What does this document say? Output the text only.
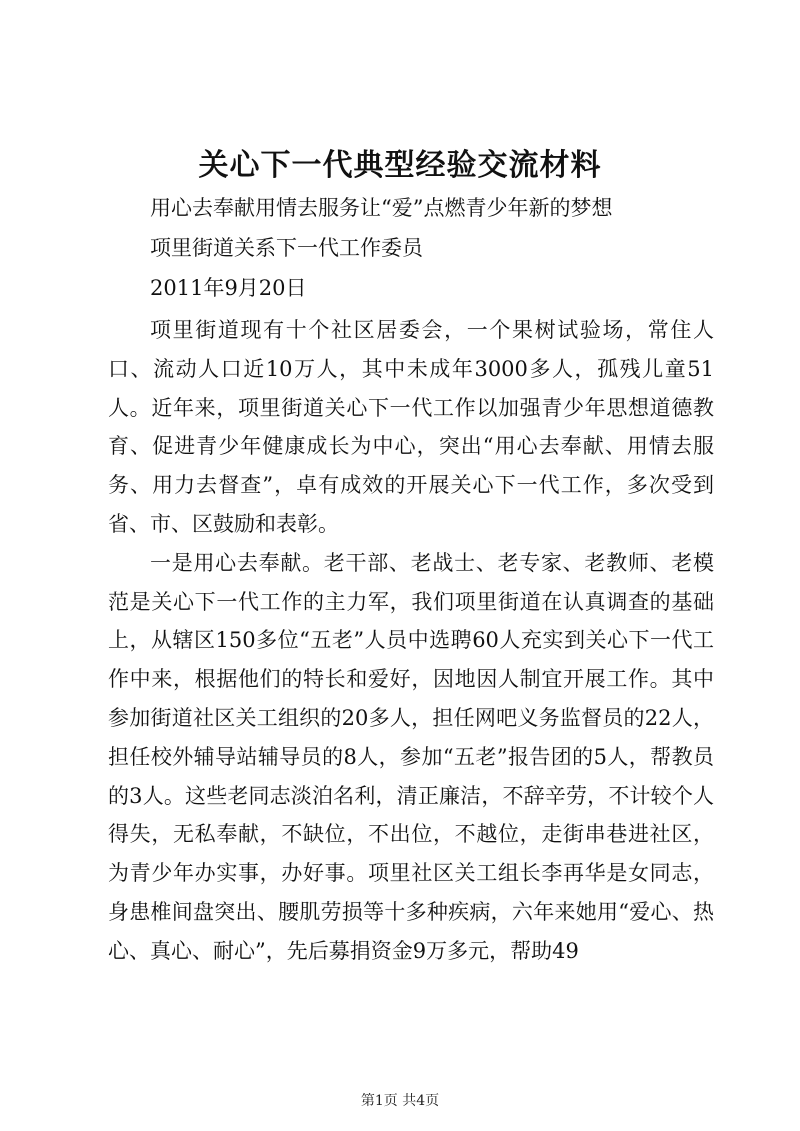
关心下一代典型经验交流材料
用心去奉献用情去服务让“爱”点燃青少年新的梦想
项里街道关系下一代工作委员
2011年9月20日

项里街道现有十个社区居委会，一个果树试验场，常住人口、流动人口近10万人，其中未成年3000多人，孤残儿童51人。近年来，项里街道关心下一代工作以加强青少年思想道德教育、促进青少年健康成长为中心，突出“用心去奉献、用情去服务、用力去督查”，卓有成效的开展关心下一代工作，多次受到省、市、区鼓励和表彰。

一是用心去奉献。老干部、老战士、老专家、老教师、老模范是关心下一代工作的主力军，我们项里街道在认真调查的基础上，从辖区150多位“五老”人员中选聘60人充实到关心下一代工作中来，根据他们的特长和爱好，因地因人制宜开展工作。其中参加街道社区关工组织的20多人，担任网吧义务监督员的22人，担任校外辅导站辅导员的8人，参加“五老”报告团的5人，帮教员的3人。这些老同志淡泊名利，清正廉洁，不辞辛劳，不计较个人得失，无私奉献，不缺位，不出位，不越位，走街串巷进社区，为青少年办实事，办好事。项里社区关工组长李再华是女同志，身患椎间盘突出、腰肌劳损等十多种疾病，六年来她用“爱心、热心、真心、耐心”，先后募捐资金9万多元，帮助49

第1页 共4页
